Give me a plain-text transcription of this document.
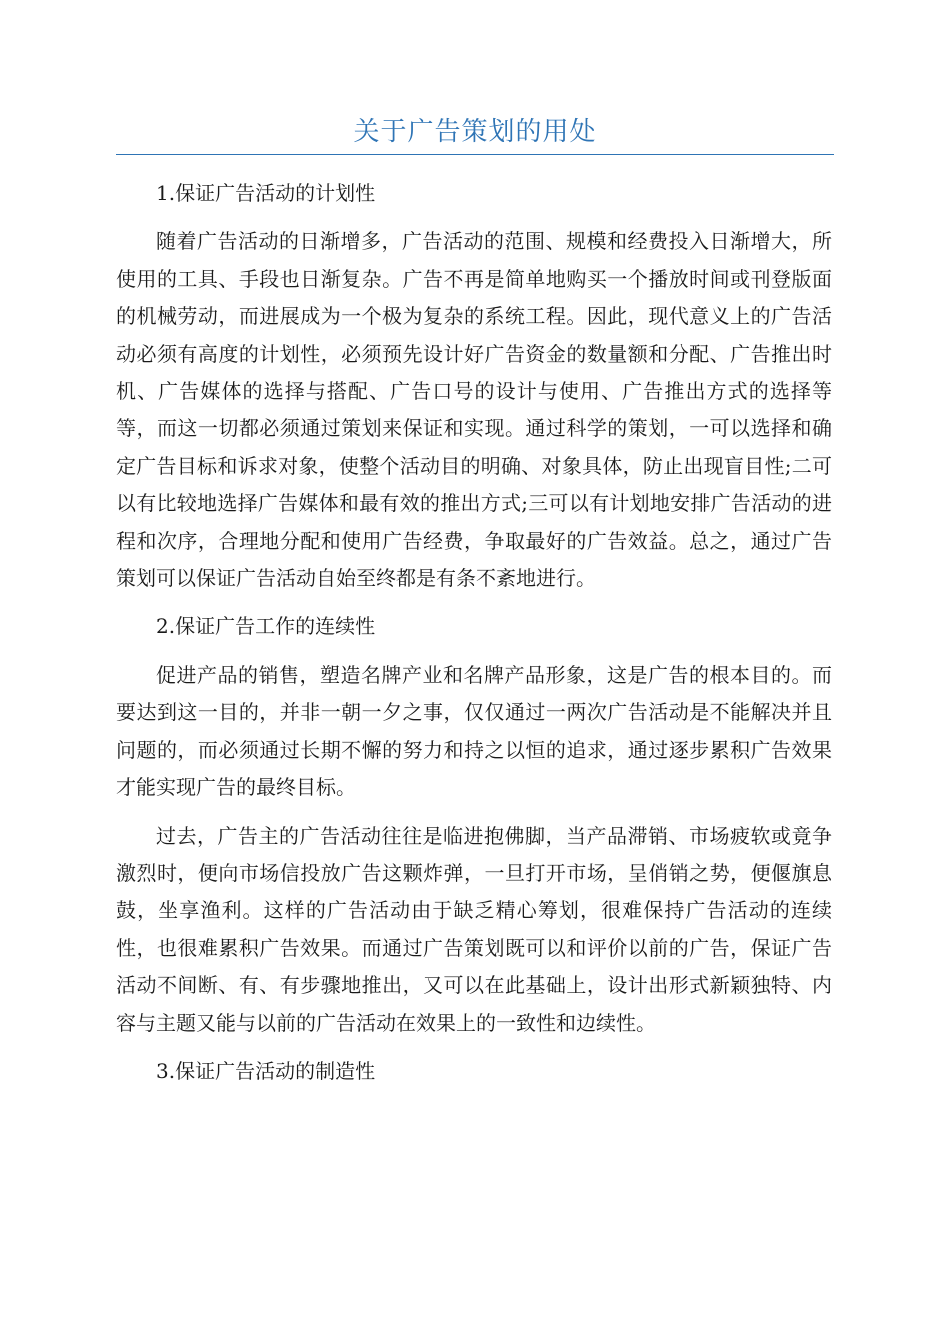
关于广告策划的用处

1.保证广告活动的计划性

随着广告活动的日渐增多，广告活动的范围、规模和经费投入日渐增大，所使用的工具、手段也日渐复杂。广告不再是简单地购买一个播放时间或刊登版面的机械劳动，而进展成为一个极为复杂的系统工程。因此，现代意义上的广告活动必须有高度的计划性，必须预先设计好广告资金的数量额和分配、广告推出时机、广告媒体的选择与搭配、广告口号的设计与使用、广告推出方式的选择等等，而这一切都必须通过策划来保证和实现。通过科学的策划，一可以选择和确定广告目标和诉求对象，使整个活动目的明确、对象具体，防止出现盲目性;二可以有比较地选择广告媒体和最有效的推出方式;三可以有计划地安排广告活动的进程和次序，合理地分配和使用广告经费，争取最好的广告效益。总之，通过广告策划可以保证广告活动自始至终都是有条不紊地进行。

2.保证广告工作的连续性

促进产品的销售，塑造名牌产业和名牌产品形象，这是广告的根本目的。而要达到这一目的，并非一朝一夕之事，仅仅通过一两次广告活动是不能解决并且问题的，而必须通过长期不懈的努力和持之以恒的追求，通过逐步累积广告效果才能实现广告的最终目标。

过去，广告主的广告活动往往是临进抱佛脚，当产品滞销、市场疲软或竟争激烈时，便向市场信投放广告这颗炸弹，一旦打开市场，呈俏销之势，便偃旗息鼓，坐享渔利。这样的广告活动由于缺乏精心筹划，很难保持广告活动的连续性，也很难累积广告效果。而通过广告策划既可以和评价以前的广告，保证广告活动不间断、有、有步骤地推出，又可以在此基础上，设计出形式新颖独特、内容与主题又能与以前的广告活动在效果上的一致性和边续性。

3.保证广告活动的制造性
